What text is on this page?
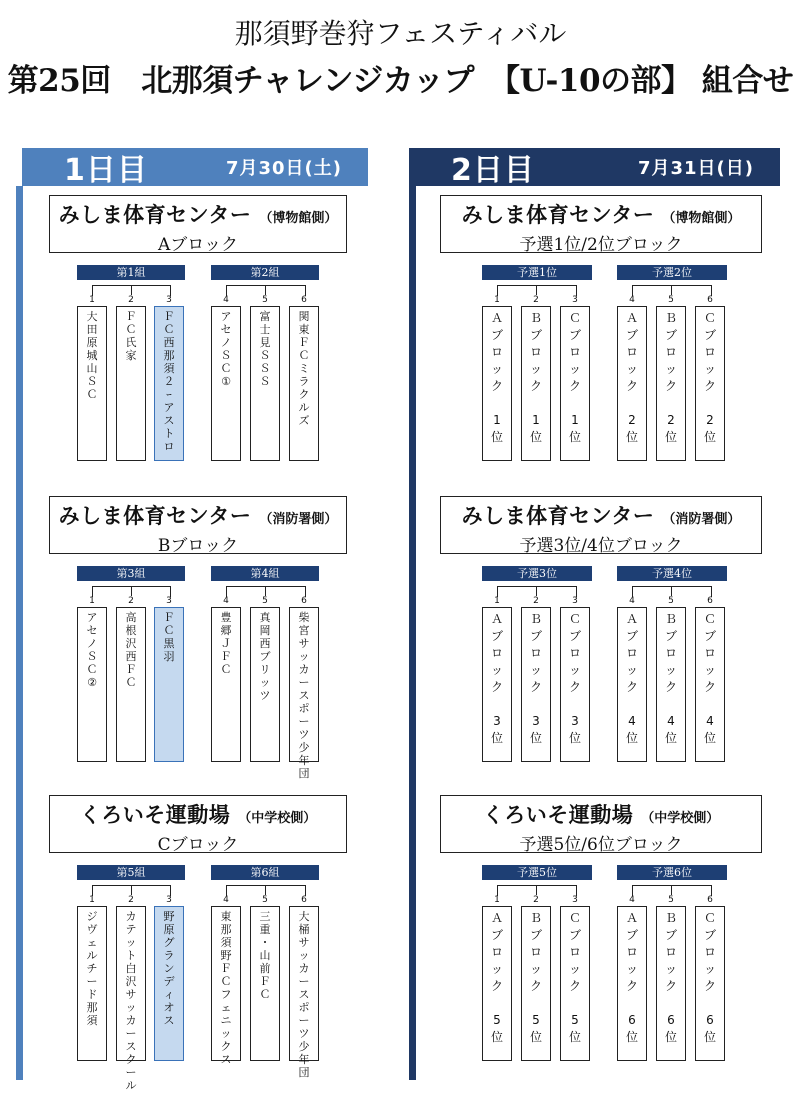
那須野巻狩フェスティバル
第25回　北那須チャレンジカップ　【U-10の部】 組合せ
1日目	7月30日(土)	2日目	7月31日(日)
みしま体育センター （博物館側）
Aブロック
第1組
1
大
田
原
城
山
Ｓ
Ｃ
2
Ｆ
Ｃ
氏
家
3
Ｆ
Ｃ
西
那
須
２
ｰ
ア
ス
ト
ロ
第2組
4
ア
セ
ノ
Ｓ
Ｃ
①
5
富
士
見
Ｓ
Ｓ
Ｓ
6
関
東
Ｆ
Ｃ
ミ
ラ
ク
ル
ズ
みしま体育センター （消防署側）
Bブロック
第3組
1
ア
セ
ノ
Ｓ
Ｃ
②
2
高
根
沢
西
Ｆ
Ｃ
3
Ｆ
Ｃ
黒
羽
第4組
4
豊
郷
Ｊ
Ｆ
Ｃ
5
真
岡
西
ブ
リ
ッ
ツ
6
柴
宮
サ
ッ
カ
ー
ス
ポ
ー
ツ
少
年
団
くろいそ運動場 （中学校側）
Cブロック
第5組
1
ジ
ヴ
ェ
ル
チ
ー
ド
那
須
2
カ
テ
ッ
ト
白
沢
サ
ッ
カ
ー
ス
ク
ー
ル
3
野
原
グ
ラ
ン
デ
ィ
オ
ス
第6組
4
東
那
須
野
Ｆ
Ｃ
フ
ェ
ニ
ッ
ク
ス
5
三
重
・
山
前
Ｆ
Ｃ
6
大
桶
サ
ッ
カ
ー
ス
ポ
ー
ツ
少
年
団
みしま体育センター （博物館側）
予選1位/2位ブロック
予選1位
1
Ａ
ブ
ロ
ッ
ク
1
位
2
Ｂ
ブ
ロ
ッ
ク
1
位
3
Ｃ
ブ
ロ
ッ
ク
1
位
予選2位
4
Ａ
ブ
ロ
ッ
ク
2
位
5
Ｂ
ブ
ロ
ッ
ク
2
位
6
Ｃ
ブ
ロ
ッ
ク
2
位
みしま体育センター （消防署側）
予選3位/4位ブロック
予選3位
1
Ａ
ブ
ロ
ッ
ク
3
位
2
Ｂ
ブ
ロ
ッ
ク
3
位
3
Ｃ
ブ
ロ
ッ
ク
3
位
予選4位
4
Ａ
ブ
ロ
ッ
ク
4
位
5
Ｂ
ブ
ロ
ッ
ク
4
位
6
Ｃ
ブ
ロ
ッ
ク
4
位
くろいそ運動場 （中学校側）
予選5位/6位ブロック
予選5位
1
Ａ
ブ
ロ
ッ
ク
5
位
2
Ｂ
ブ
ロ
ッ
ク
5
位
3
Ｃ
ブ
ロ
ッ
ク
5
位
予選6位
4
Ａ
ブ
ロ
ッ
ク
6
位
5
Ｂ
ブ
ロ
ッ
ク
6
位
6
Ｃ
ブ
ロ
ッ
ク
6
位
